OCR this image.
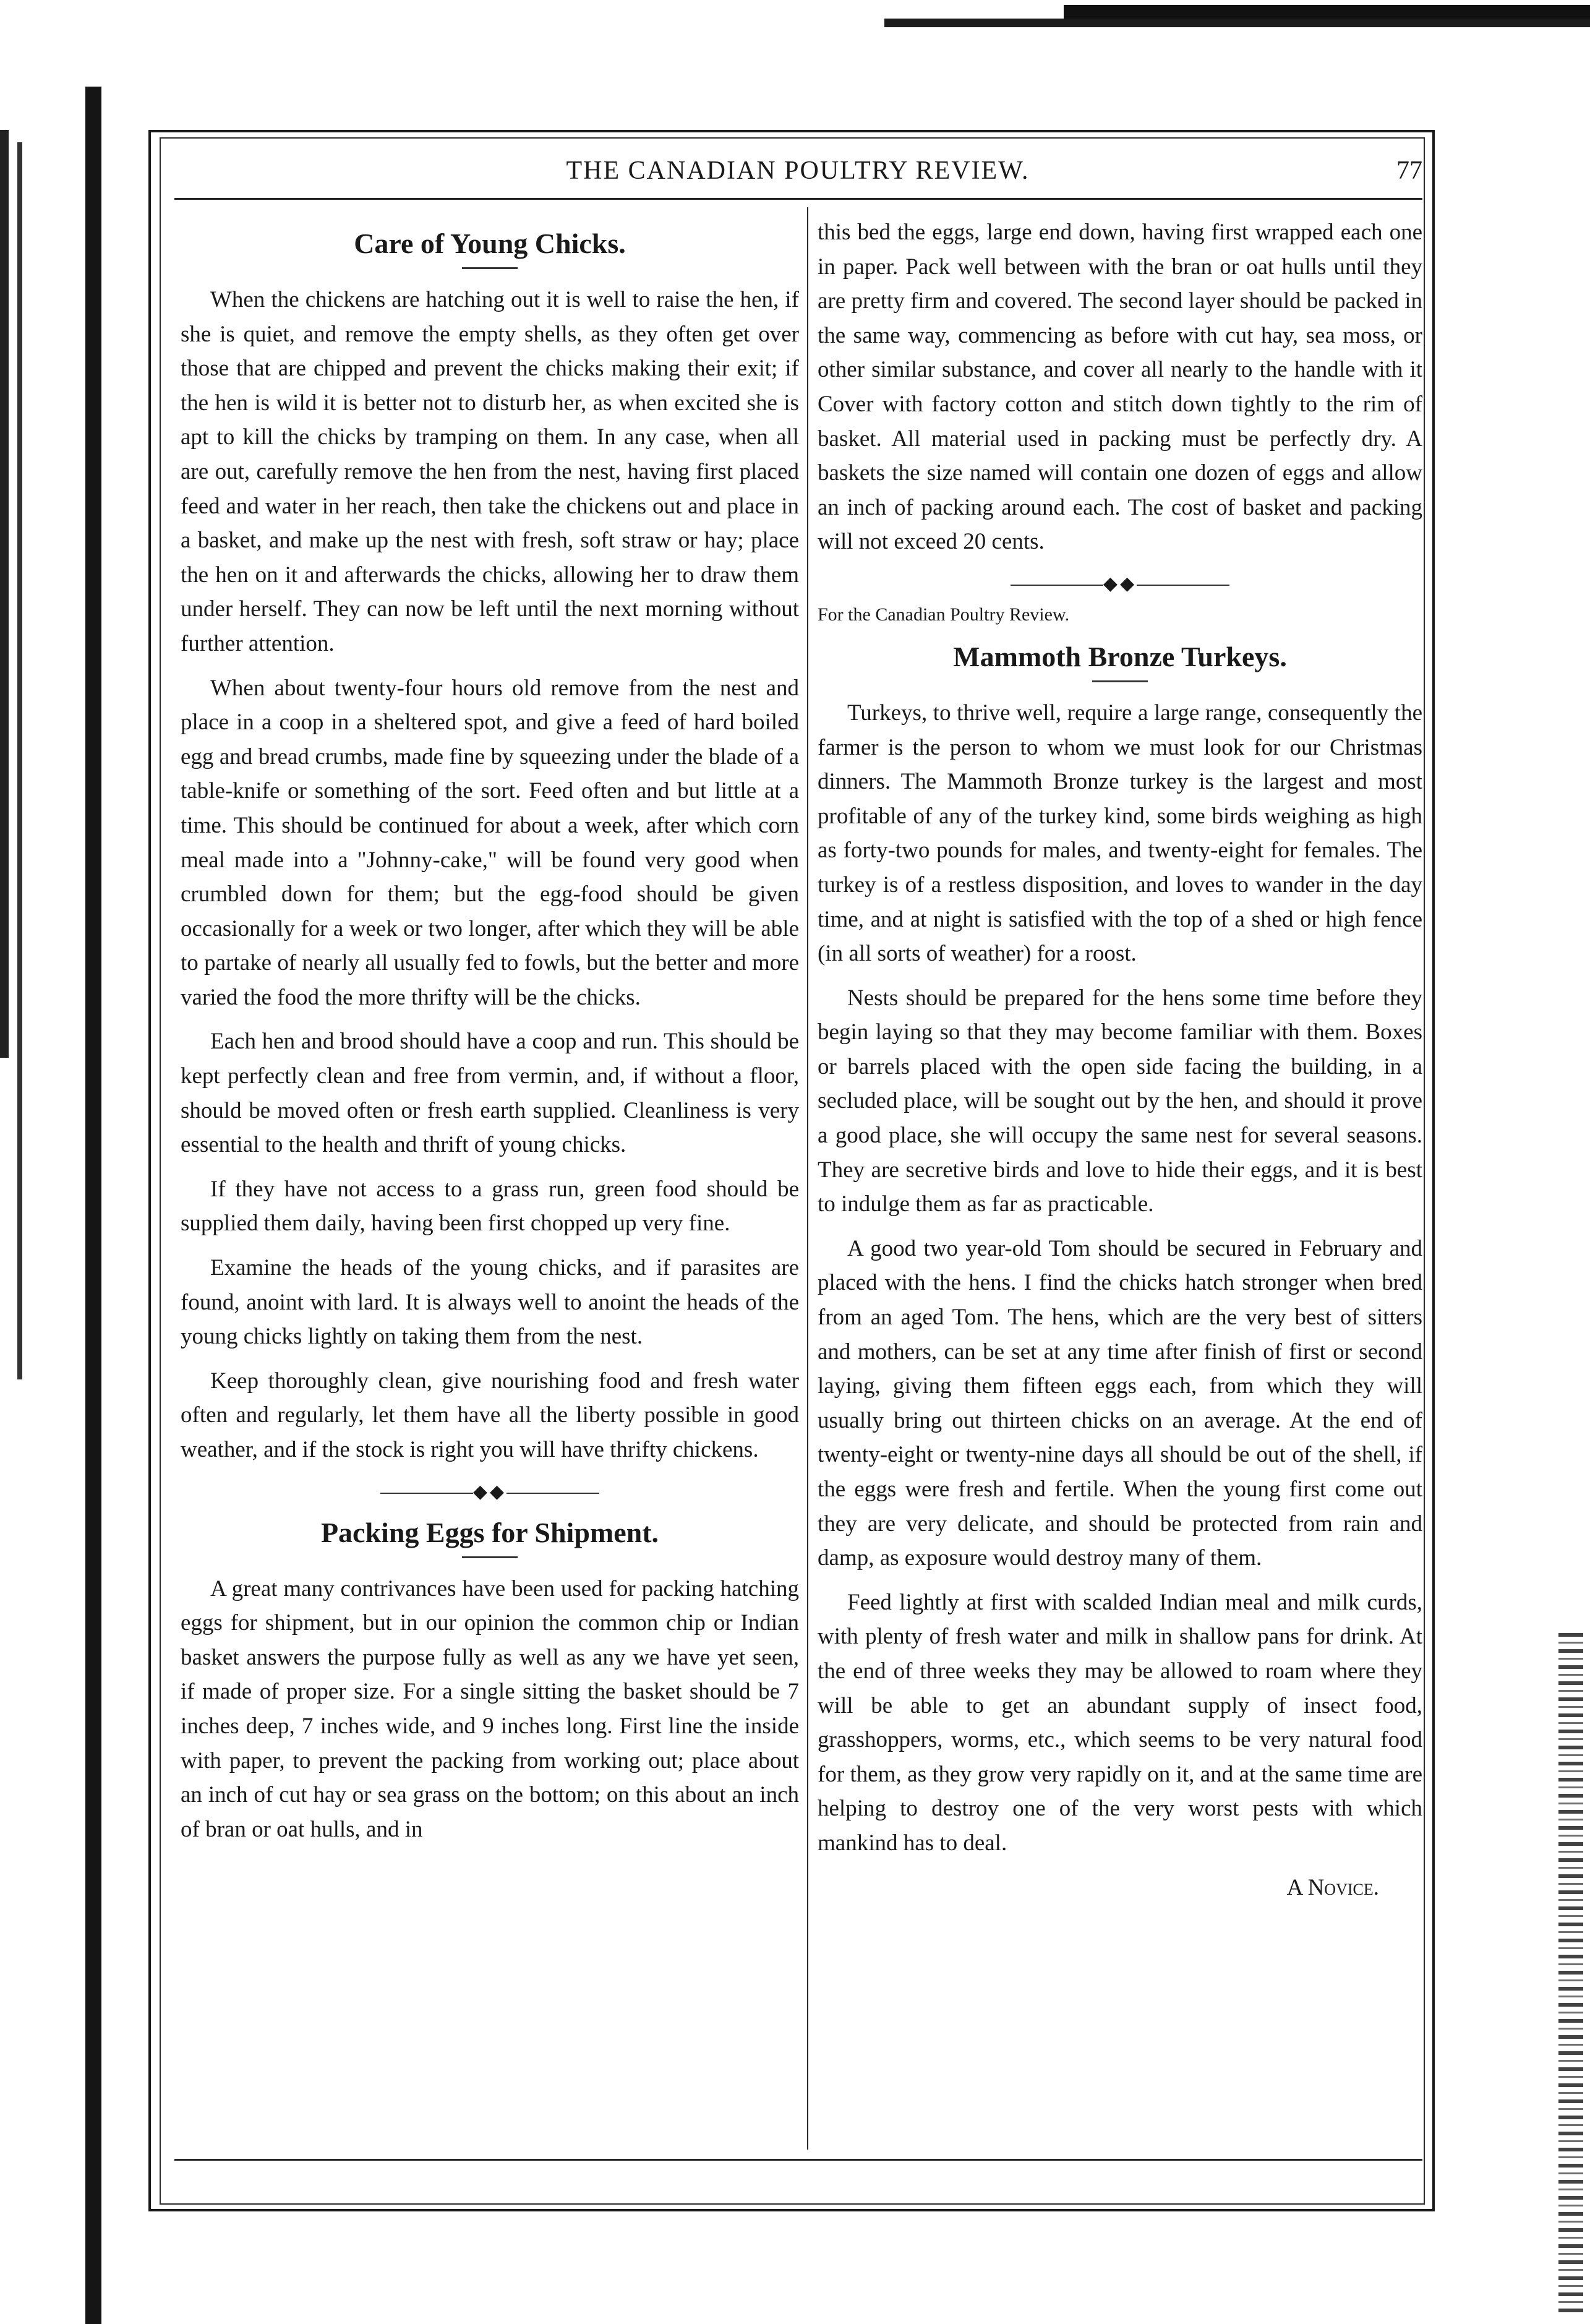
THE CANADIAN POULTRY REVIEW.	77
Care of Young Chicks.

When the chickens are hatching out it is well to raise the hen, if she is quiet, and remove the empty shells, as they often get over those that are chipped and prevent the chicks making their exit; if the hen is wild it is better not to disturb her, as when excited she is apt to kill the chicks by tramping on them. In any case, when all are out, carefully remove the hen from the nest, having first placed feed and water in her reach, then take the chickens out and place in a basket, and make up the nest with fresh, soft straw or hay; place the hen on it and afterwards the chicks, allowing her to draw them under herself. They can now be left until the next morning without further attention.

When about twenty-four hours old remove from the nest and place in a coop in a sheltered spot, and give a feed of hard boiled egg and bread crumbs, made fine by squeezing under the blade of a table-knife or something of the sort. Feed often and but little at a time. This should be continued for about a week, after which corn meal made into a "Johnny-cake," will be found very good when crumbled down for them; but the egg-food should be given occasionally for a week or two longer, after which they will be able to partake of nearly all usually fed to fowls, but the better and more varied the food the more thrifty will be the chicks.

Each hen and brood should have a coop and run. This should be kept perfectly clean and free from vermin, and, if without a floor, should be moved often or fresh earth supplied. Cleanliness is very essential to the health and thrift of young chicks.

If they have not access to a grass run, green food should be supplied them daily, having been first chopped up very fine.

Examine the heads of the young chicks, and if parasites are found, anoint with lard. It is always well to anoint the heads of the young chicks lightly on taking them from the nest.

Keep thoroughly clean, give nourishing food and fresh water often and regularly, let them have all the liberty possible in good weather, and if the stock is right you will have thrifty chickens.

◆◆
Packing Eggs for Shipment.

A great many contrivances have been used for packing hatching eggs for shipment, but in our opinion the common chip or Indian basket answers the purpose fully as well as any we have yet seen, if made of proper size. For a single sitting the basket should be 7 inches deep, 7 inches wide, and 9 inches long. First line the inside with paper, to prevent the packing from working out; place about an inch of cut hay or sea grass on the bottom; on this about an inch of bran or oat hulls, and in

this bed the eggs, large end down, having first wrapped each one in paper. Pack well between with the bran or oat hulls until they are pretty firm and covered. The second layer should be packed in the same way, commencing as before with cut hay, sea moss, or other similar substance, and cover all nearly to the handle with it Cover with factory cotton and stitch down tightly to the rim of basket. All material used in packing must be perfectly dry. A baskets the size named will contain one dozen of eggs and allow an inch of packing around each. The cost of basket and packing will not exceed 20 cents.

◆◆
For the Canadian Poultry Review.
Mammoth Bronze Turkeys.

Turkeys, to thrive well, require a large range, consequently the farmer is the person to whom we must look for our Christmas dinners. The Mammoth Bronze turkey is the largest and most profitable of any of the turkey kind, some birds weighing as high as forty-two pounds for males, and twenty-eight for females. The turkey is of a restless disposition, and loves to wander in the day time, and at night is satisfied with the top of a shed or high fence (in all sorts of weather) for a roost.

Nests should be prepared for the hens some time before they begin laying so that they may become familiar with them. Boxes or barrels placed with the open side facing the building, in a secluded place, will be sought out by the hen, and should it prove a good place, she will occupy the same nest for several seasons. They are secretive birds and love to hide their eggs, and it is best to indulge them as far as practicable.

A good two year-old Tom should be secured in February and placed with the hens. I find the chicks hatch stronger when bred from an aged Tom. The hens, which are the very best of sitters and mothers, can be set at any time after finish of first or second laying, giving them fifteen eggs each, from which they will usually bring out thirteen chicks on an average. At the end of twenty-eight or twenty-nine days all should be out of the shell, if the eggs were fresh and fertile. When the young first come out they are very delicate, and should be protected from rain and damp, as exposure would destroy many of them.

Feed lightly at first with scalded Indian meal and milk curds, with plenty of fresh water and milk in shallow pans for drink. At the end of three weeks they may be allowed to roam where they will be able to get an abundant supply of insect food, grasshoppers, worms, etc., which seems to be very natural food for them, as they grow very rapidly on it, and at the same time are helping to destroy one of the very worst pests with which mankind has to deal.

A Novice.
